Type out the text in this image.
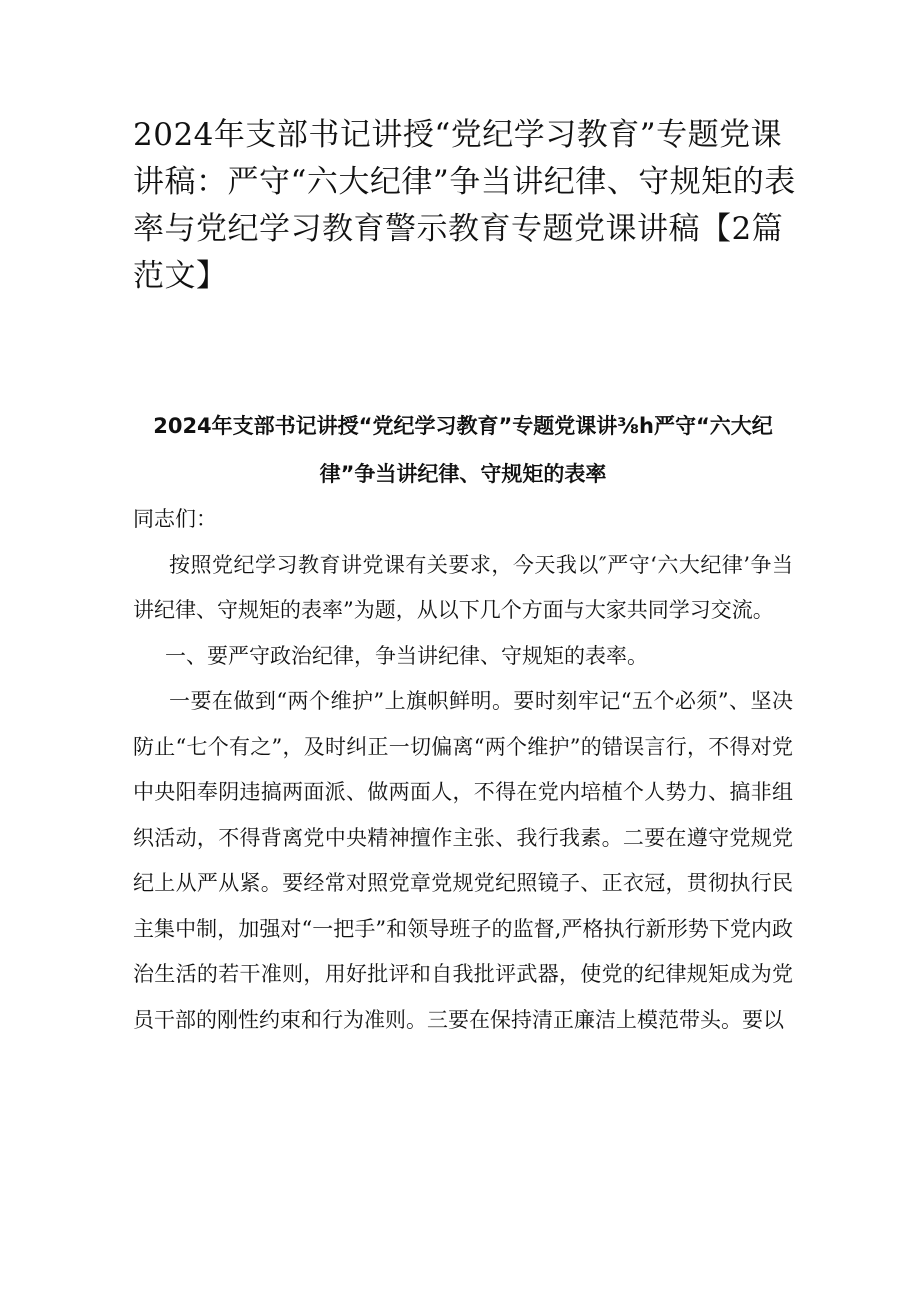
2024年支部书记讲授“党纪学习教育”专题党课讲稿：严守“六大纪律”争当讲纪律、守规矩的表率与党纪学习教育警示教育专题党课讲稿【2篇范文】
2024年支部书记讲授“党纪学习教育”专题党课讲⅜h严守“六大纪律”争当讲纪律、守规矩的表率

同志们：

按照党纪学习教育讲党课有关要求，今天我以″严守‘六大纪律’争当讲纪律、守规矩的表率”为题，从以下几个方面与大家共同学习交流。

一、要严守政治纪律，争当讲纪律、守规矩的表率。

一要在做到“两个维护”上旗帜鲜明。要时刻牢记“五个必须”、坚决防止“七个有之”，及时纠正一切偏离“两个维护”的错误言行，不得对党中央阳奉阴违搞两面派、做两面人，不得在党内培植个人势力、搞非组织活动，不得背离党中央精神擅作主张、我行我素。二要在遵守党规党纪上从严从紧。要经常对照党章党规党纪照镜子、正衣冠，贯彻执行民主集中制，加强对“一把手”和领导班子的监督,严格执行新形势下党内政治生活的若干准则，用好批评和自我批评武器，使党的纪律规矩成为党员干部的刚性约束和行为准则。三要在保持清正廉洁上模范带头。要以
